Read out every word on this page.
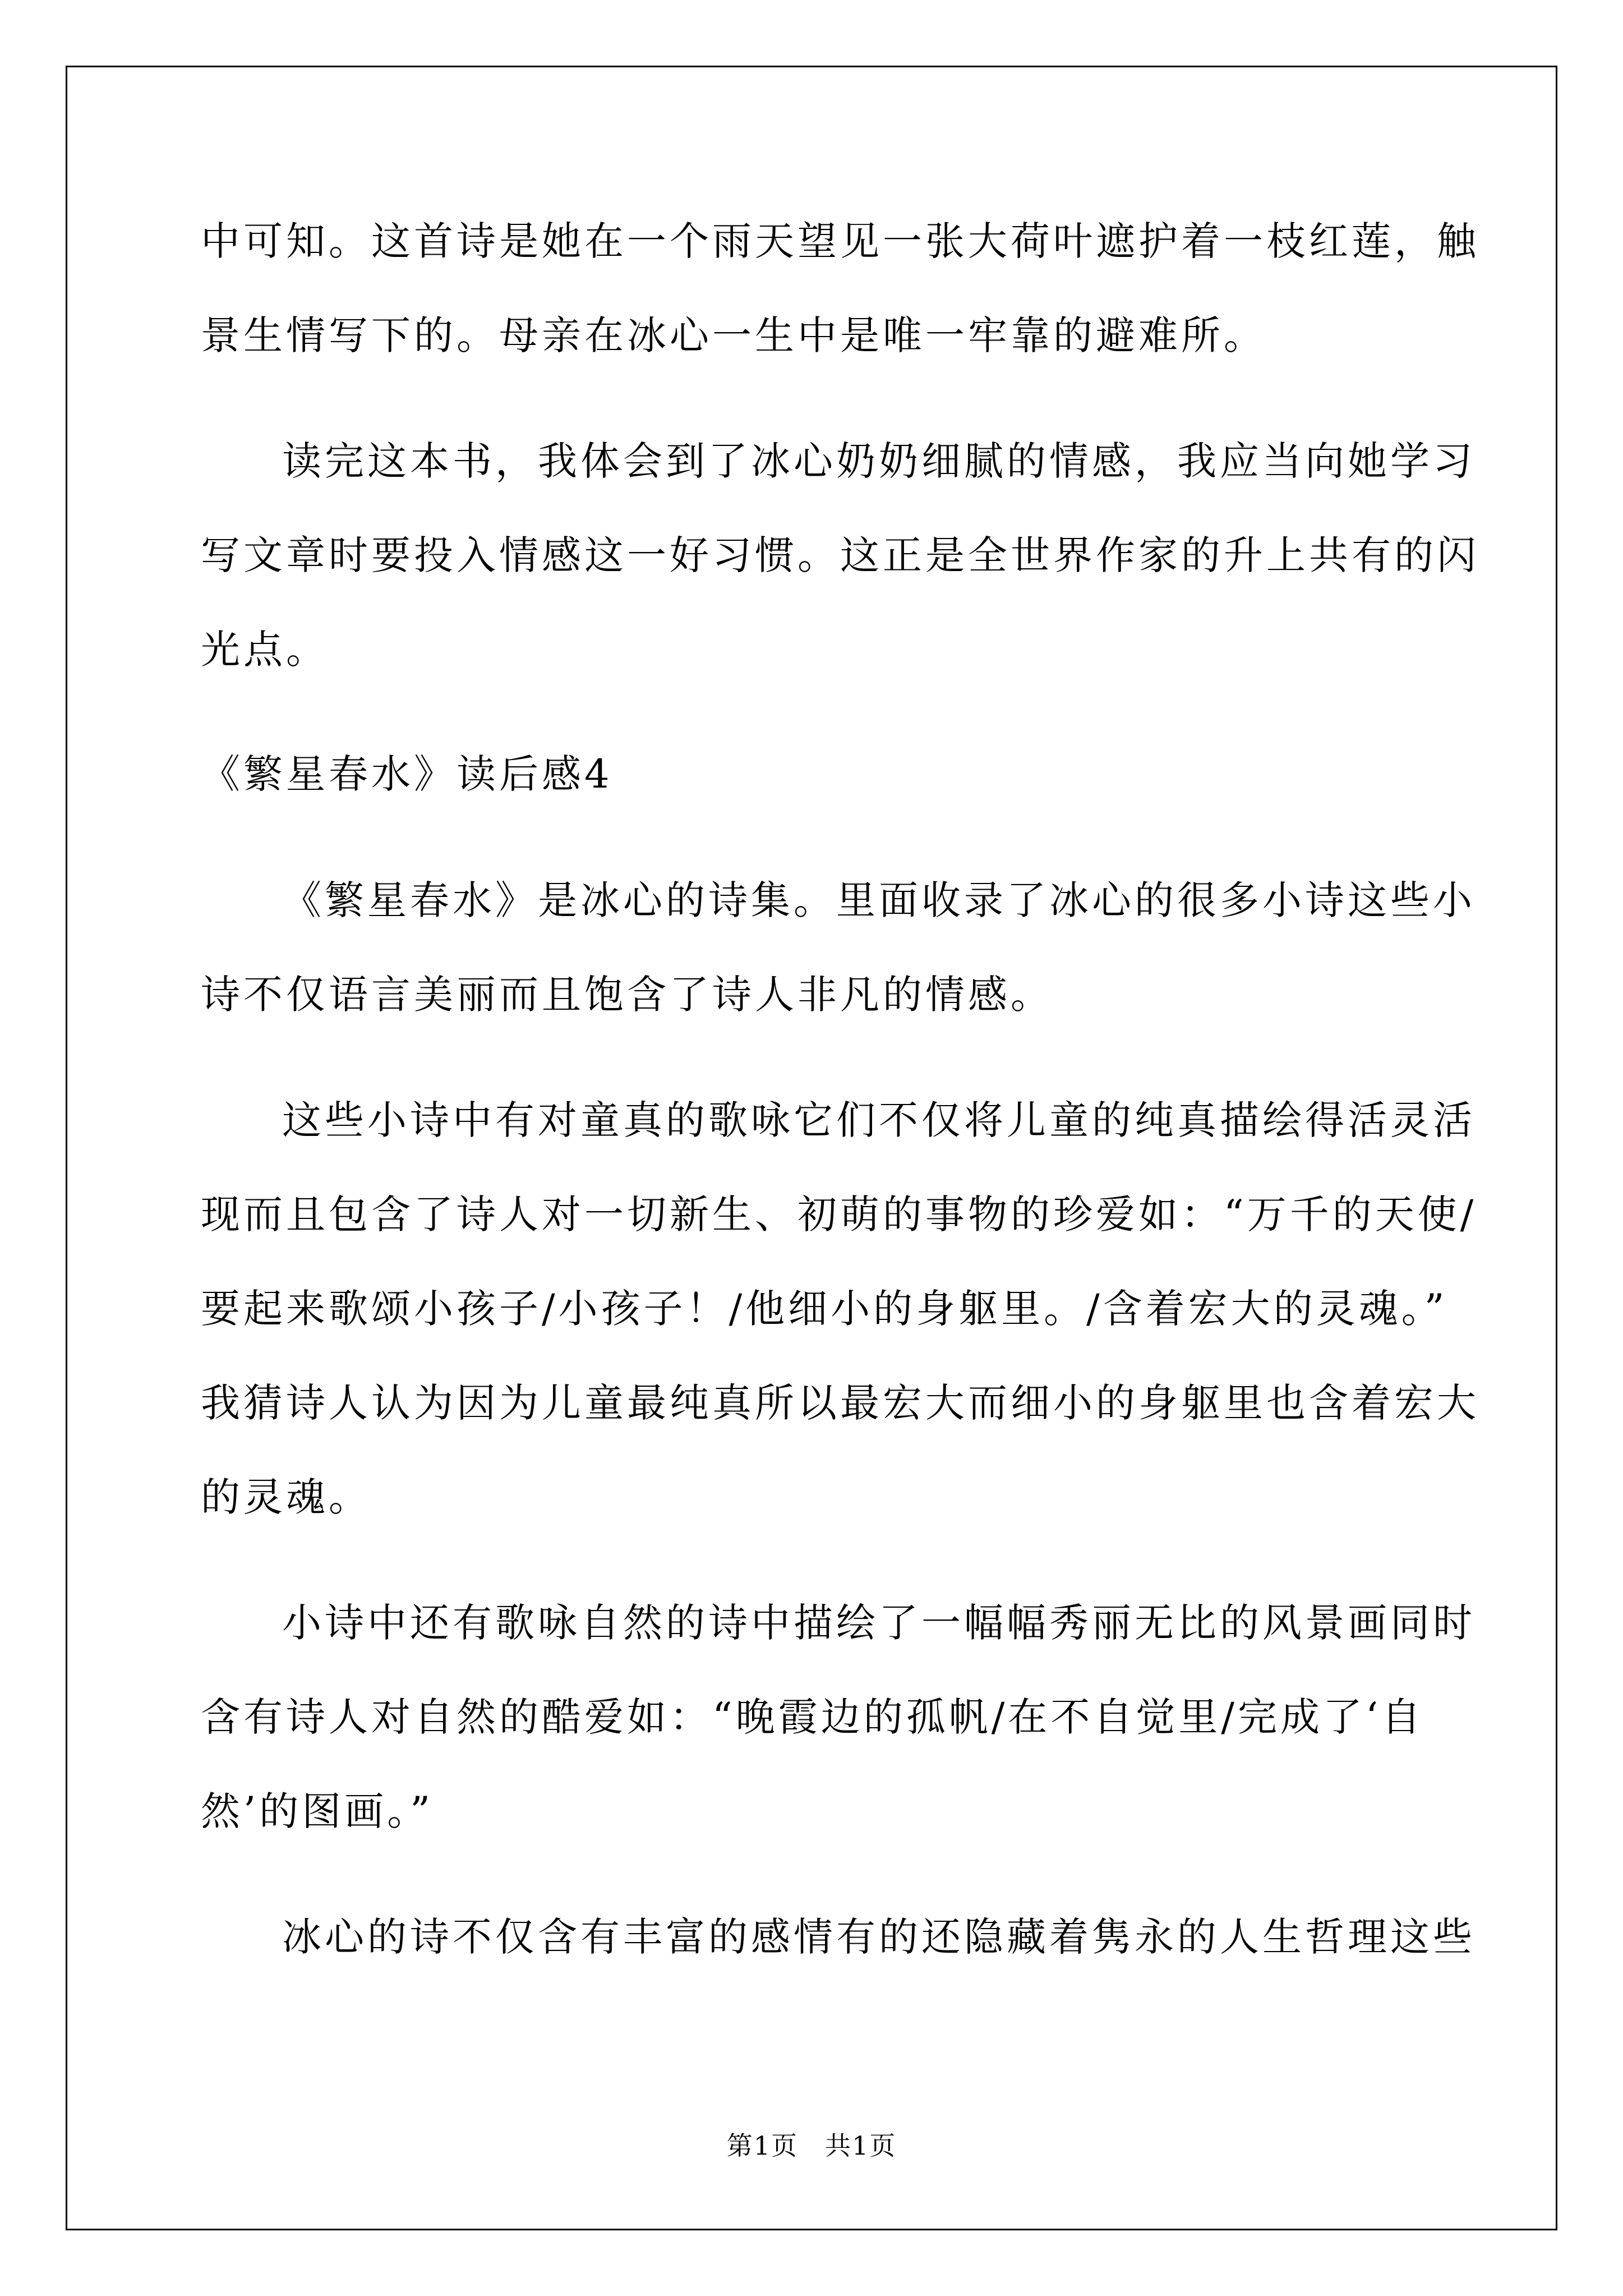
中可知。这首诗是她在一个雨天望见一张大荷叶遮护着一枝红莲，触
景生情写下的。母亲在冰心一生中是唯一牢靠的避难所。
读完这本书，我体会到了冰心奶奶细腻的情感，我应当向她学习
写文章时要投入情感这一好习惯。这正是全世界作家的升上共有的闪
光点。
《繁星春水》读后感4
《繁星春水》是冰心的诗集。里面收录了冰心的很多小诗这些小
诗不仅语言美丽而且饱含了诗人非凡的情感。
这些小诗中有对童真的歌咏它们不仅将儿童的纯真描绘得活灵活
现而且包含了诗人对一切新生、初萌的事物的珍爱如：“万千的天使/
要起来歌颂小孩子/小孩子！/他细小的身躯里。/含着宏大的灵魂。”
我猜诗人认为因为儿童最纯真所以最宏大而细小的身躯里也含着宏大
的灵魂。
小诗中还有歌咏自然的诗中描绘了一幅幅秀丽无比的风景画同时
含有诗人对自然的酷爱如：“晚霞边的孤帆/在不自觉里/完成了‘自
然’的图画。”
冰心的诗不仅含有丰富的感情有的还隐藏着隽永的人生哲理这些
第1页　共1页
